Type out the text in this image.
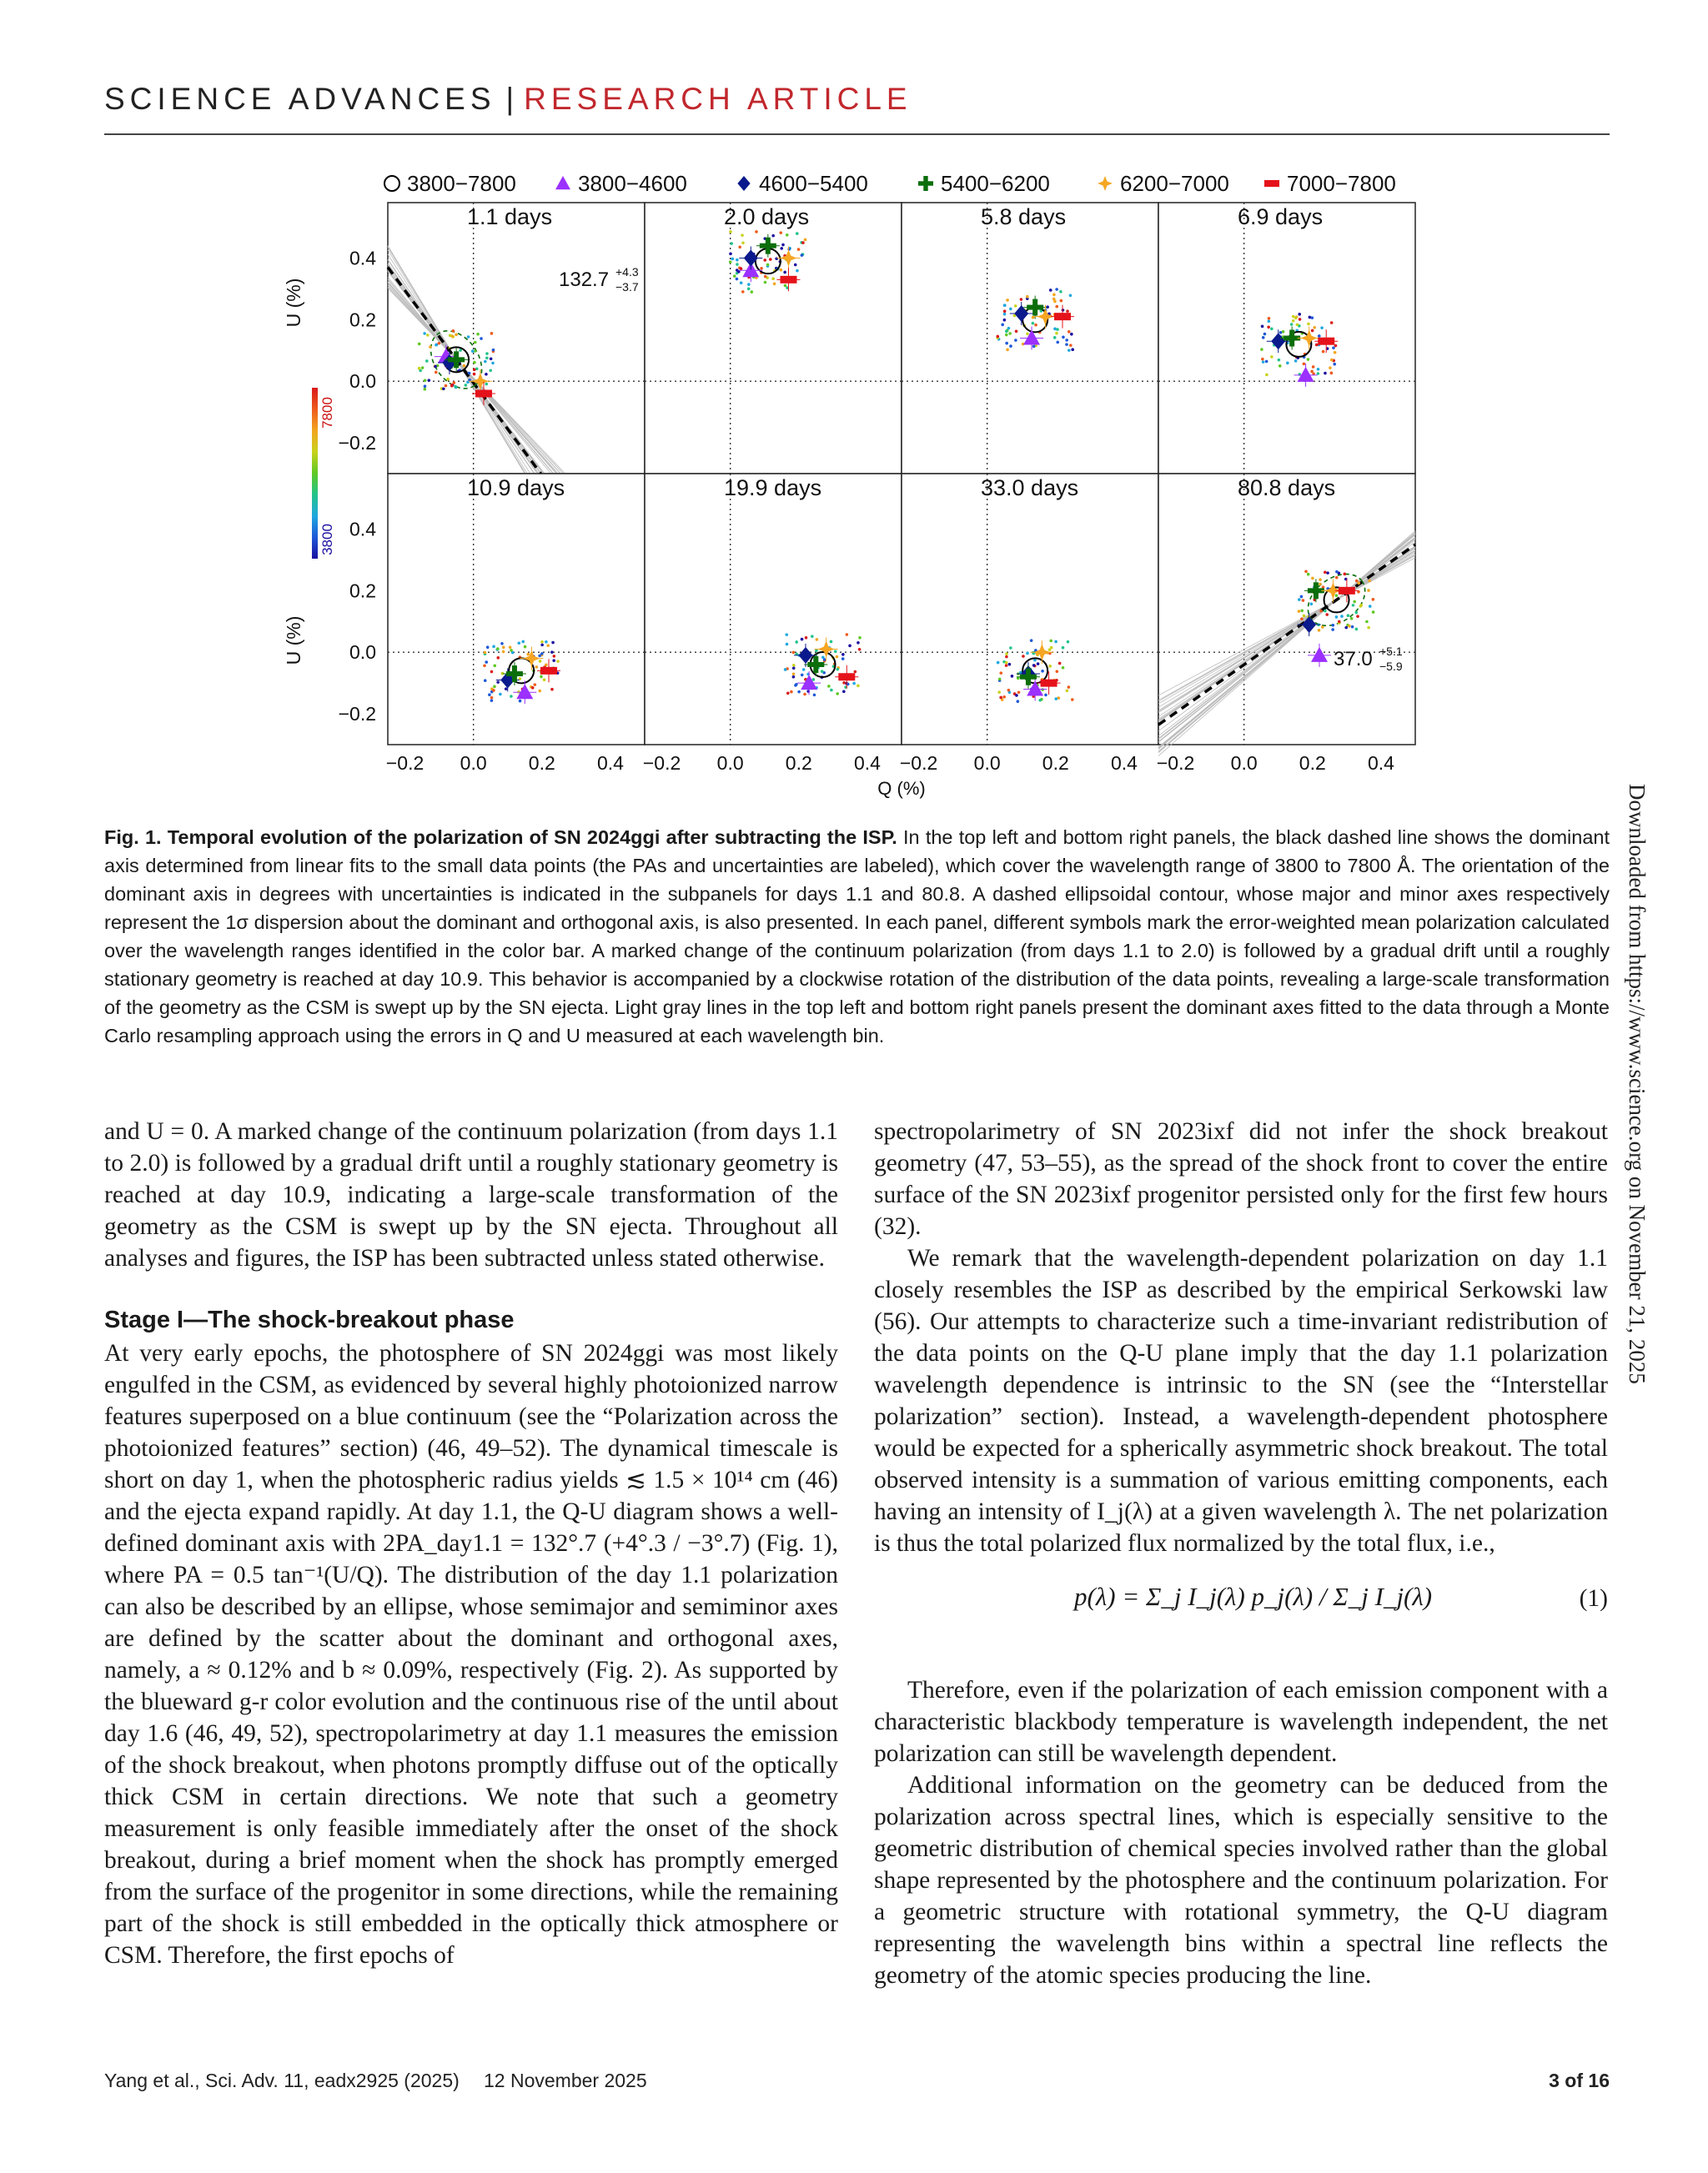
SCIENCE ADVANCES | RESEARCH ARTICLE
3800−7800	3800−4600	4600−5400	5400−6200	6200−7000	7000−7800
1.1 days
132.7 +4.3
−3.7
0.4
0.2
0.0
−0.2
2.0 days	5.8 days	6.9 days
10.9 days
−0.2 0.0 0.2 0.4
0.4
0.2
0.0
−0.2
19.9 days
−0.2 0.0 0.2 0.4
33.0 days
−0.2 0.0 0.2 0.4
80.8 days
37.0 +5.1
−5.9
−0.2 0.0 0.2 0.4
Q (%)
U (%)
U (%)
7800
3800
Fig. 1. Temporal evolution of the polarization of SN 2024ggi after subtracting the ISP. In the top left and bottom right panels, the black dashed line shows the dominant axis determined from linear fits to the small data points (the PAs and uncertainties are labeled), which cover the wavelength range of 3800 to 7800 Å. The orientation of the dominant axis in degrees with uncertainties is indicated in the subpanels for days 1.1 and 80.8. A dashed ellipsoidal contour, whose major and minor axes respectively represent the 1σ dispersion about the dominant and orthogonal axis, is also presented. In each panel, different symbols mark the error-weighted mean polarization calculated over the wavelength ranges identified in the color bar. A marked change of the continuum polarization (from days 1.1 to 2.0) is followed by a gradual drift until a roughly stationary geometry is reached at day 10.9. This behavior is accompanied by a clockwise rotation of the distribution of the data points, revealing a large-scale transformation of the geometry as the CSM is swept up by the SN ejecta. Light gray lines in the top left and bottom right panels present the dominant axes fitted to the data through a Monte Carlo resampling approach using the errors in Q and U measured at each wavelength bin.

and U = 0. A marked change of the continuum polarization (from days 1.1 to 2.0) is followed by a gradual drift until a roughly stationary geometry is reached at day 10.9, indicating a large-scale transformation of the geometry as the CSM is swept up by the SN ejecta. Throughout all analyses and figures, the ISP has been subtracted unless stated otherwise.

Stage I—The shock-breakout phase

At very early epochs, the photosphere of SN 2024ggi was most likely engulfed in the CSM, as evidenced by several highly photoionized narrow features superposed on a blue continuum (see the “Polarization across the photoionized features” section) (46, 49–52). The dynamical timescale is short on day 1, when the photospheric radius yields ≲ 1.5 × 10¹⁴ cm (46) and the ejecta expand rapidly. At day 1.1, the Q-U diagram shows a well-defined dominant axis with 2PA_day1.1 = 132°.7 (+4°.3 / −3°.7) (Fig. 1), where PA = 0.5 tan⁻¹(U/Q). The distribution of the day 1.1 polarization can also be described by an ellipse, whose semimajor and semiminor axes are defined by the scatter about the dominant and orthogonal axes, namely, a ≈ 0.12% and b ≈ 0.09%, respectively (Fig. 2). As supported by the blueward g-r color evolution and the continuous rise of the until about day 1.6 (46, 49, 52), spectropolarimetry at day 1.1 measures the emission of the shock breakout, when photons promptly diffuse out of the optically thick CSM in certain directions. We note that such a geometry measurement is only feasible immediately after the onset of the shock breakout, during a brief moment when the shock has promptly emerged from the surface of the progenitor in some directions, while the remaining part of the shock is still embedded in the optically thick atmosphere or CSM. Therefore, the first epochs of

spectropolarimetry of SN 2023ixf did not infer the shock breakout geometry (47, 53–55), as the spread of the shock front to cover the entire surface of the SN 2023ixf progenitor persisted only for the first few hours (32).

We remark that the wavelength-dependent polarization on day 1.1 closely resembles the ISP as described by the empirical Serkowski law (56). Our attempts to characterize such a time-invariant redistribution of the data points on the Q-U plane imply that the day 1.1 polarization wavelength dependence is intrinsic to the SN (see the “Interstellar polarization” section). Instead, a wavelength-dependent photosphere would be expected for a spherically asymmetric shock breakout. The total observed intensity is a summation of various emitting components, each having an intensity of I_j(λ) at a given wavelength λ. The net polarization is thus the total polarized flux normalized by the total flux, i.e.,

p(λ) = Σ_j I_j(λ) p_j(λ) / Σ_j I_j(λ)	(1)

Therefore, even if the polarization of each emission component with a characteristic blackbody temperature is wavelength independent, the net polarization can still be wavelength dependent.

Additional information on the geometry can be deduced from the polarization across spectral lines, which is especially sensitive to the geometric distribution of chemical species involved rather than the global shape represented by the photosphere and the continuum polarization. For a geometric structure with rotational symmetry, the Q-U diagram representing the wavelength bins within a spectral line reflects the geometry of the atomic species producing the line.

Downloaded from https://www.science.org on November 21, 2025
Yang et al., Sci. Adv. 11, eadx2925 (2025) 12 November 2025	3 of 16
